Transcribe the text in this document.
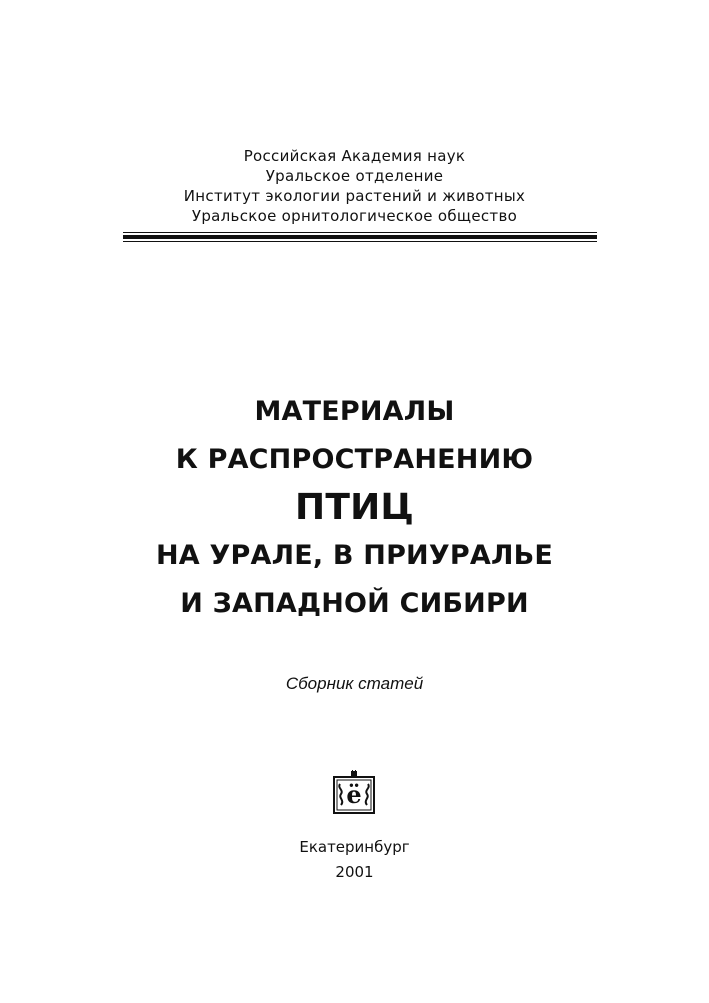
Российская Академия наук
Уральское отделение
Институт экологии растений и животных
Уральское орнитологическое общество
МАТЕРИАЛЫ
К РАСПРОСТРАНЕНИЮ
ПТИЦ
НА УРАЛЕ, В ПРИУРАЛЬЕ
И ЗАПАДНОЙ СИБИРИ
Сборник статей
ё
Екатеринбург
2001
